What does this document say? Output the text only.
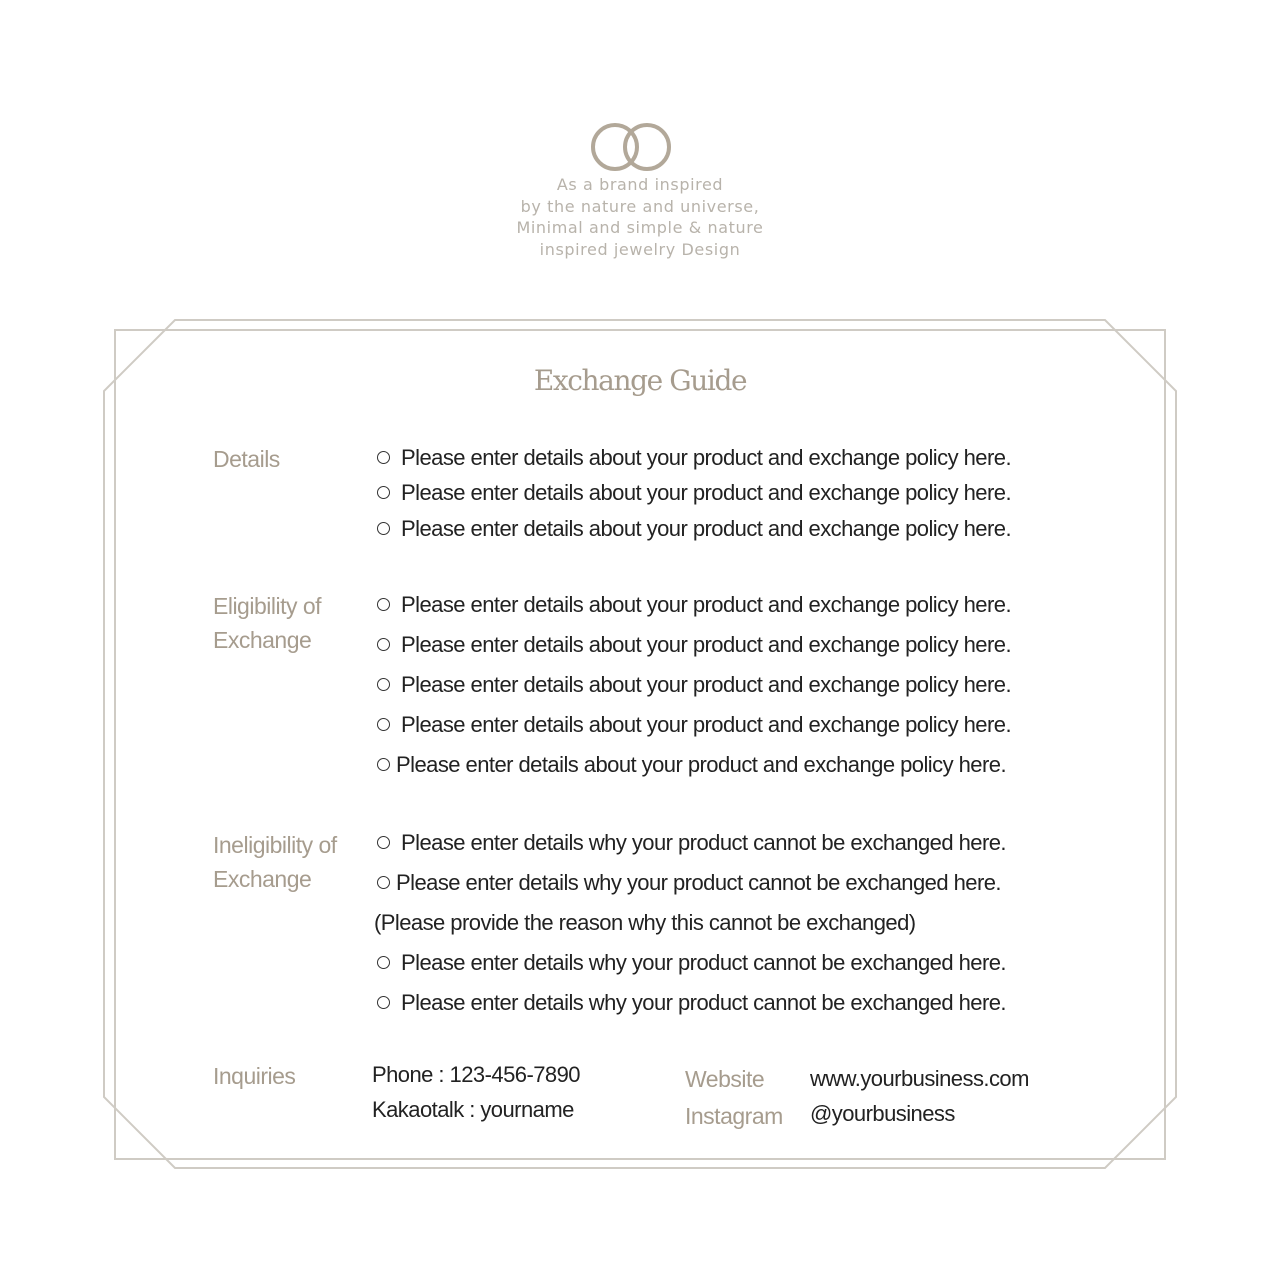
As a brand inspired
by the nature and universe,
Minimal and simple & nature
inspired jewelry Design
Exchange Guide
Details	Please enter details about your product and exchange policy here.
Please enter details about your product and exchange policy here.
Please enter details about your product and exchange policy here.
Eligibility of
Exchange
Please enter details about your product and exchange policy here.
Please enter details about your product and exchange policy here.
Please enter details about your product and exchange policy here.
Please enter details about your product and exchange policy here.
Please enter details about your product and exchange policy here.
Ineligibility of
Exchange
Please enter details why your product cannot be exchanged here.
Please enter details why your product cannot be exchanged here.
(Please provide the reason why this cannot be exchanged)
Please enter details why your product cannot be exchanged here.
Please enter details why your product cannot be exchanged here.
Inquiries	Phone : 123-456-7890
Kakaotalk : yourname
Website www.yourbusiness.com
Instagram @yourbusiness
